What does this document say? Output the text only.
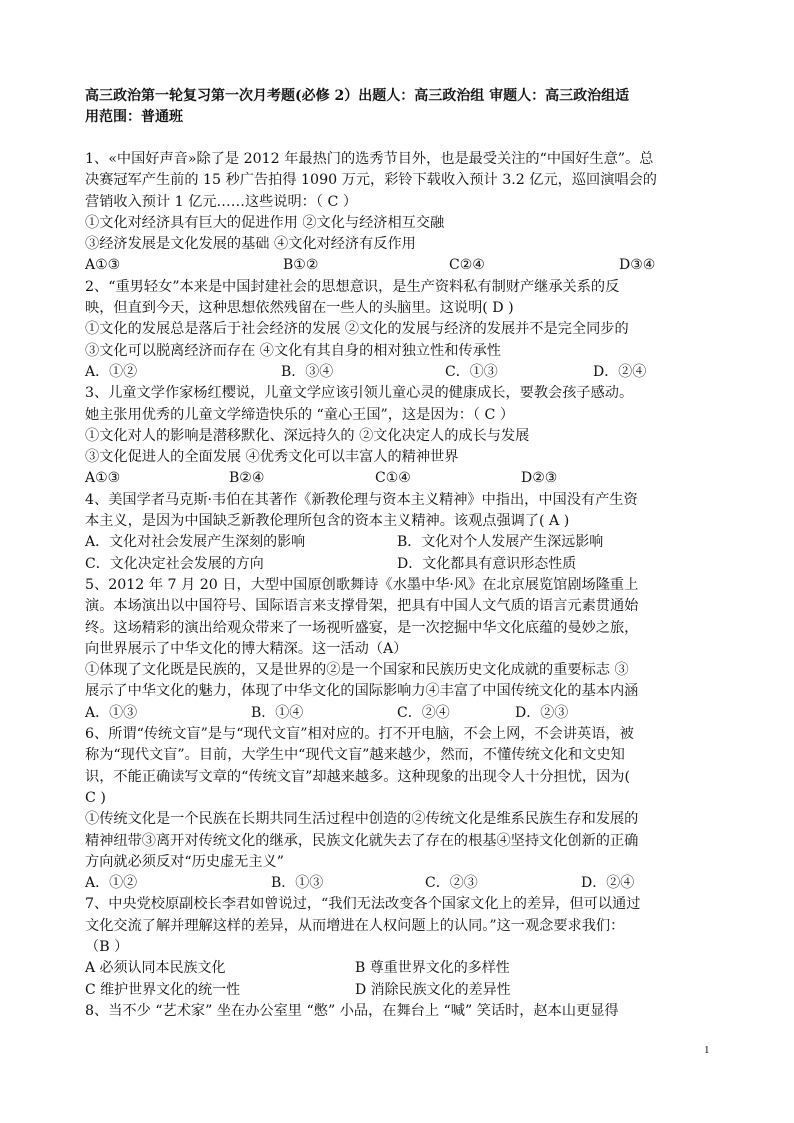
高三政治第一轮复习第一次月考题(必修 2）出题人：高三政治组 审题人：高三政治组适
用范围：普通班
1、«中国好声音»除了是 2012 年最热门的选秀节目外，也是最受关注的“中国好生意”。总
决赛冠军产生前的 15 秒广告拍得 1090 万元，彩铃下载收入预计 3.2 亿元，巡回演唱会的
营销收入预计 1 亿元……这些说明：（ C ）
①文化对经济具有巨大的促进作用 ②文化与经济相互交融
③经济发展是文化发展的基础 ④文化对经济有反作用
A①③	B①②	C②④	D③④
2、“重男轻女”本来是中国封建社会的思想意识，是生产资料私有制财产继承关系的反
映，但直到今天，这种思想依然残留在一些人的头脑里。这说明( D )
①文化的发展总是落后于社会经济的发展 ②文化的发展与经济的发展并不是完全同步的
③文化可以脱离经济而存在 ④文化有其自身的相对独立性和传承性
A．①②	B．③④	C．①③	D．②④
3、儿童文学作家杨红樱说，儿童文学应该引领儿童心灵的健康成长，要教会孩子感动。
她主张用优秀的儿童文学缔造快乐的 “童心王国”，这是因为：（ C ）
①文化对人的影响是潜移默化、深远持久的 ②文化决定人的成长与发展
③文化促进人的全面发展 ④优秀文化可以丰富人的精神世界
A①③	B②④	C①④	D②③
4、美国学者马克斯·韦伯在其著作《新教伦理与资本主义精神》中指出，中国没有产生资
本主义，是因为中国缺乏新教伦理所包含的资本主义精神。该观点强调了( A )
A．文化对社会发展产生深刻的影响	B．文化对个人发展产生深远影响
C．文化决定社会发展的方向	D．文化都具有意识形态性质
5、2012 年 7 月 20 日，大型中国原创歌舞诗《水墨中华·风》在北京展览馆剧场隆重上
演。本场演出以中国符号、国际语言来支撑骨架，把具有中国人文气质的语言元素贯通始
终。这场精彩的演出给观众带来了一场视听盛宴，是一次挖掘中华文化底蕴的曼妙之旅，
向世界展示了中华文化的博大精深。这一活动（A）
①体现了文化既是民族的，又是世界的②是一个国家和民族历史文化成就的重要标志 ③
展示了中华文化的魅力，体现了中华文化的国际影响力④丰富了中国传统文化的基本内涵
A．①③	B．①④	C．②④	D．②③
6、所谓“传统文盲”是与“现代文盲”相对应的。打不开电脑，不会上网，不会讲英语，被
称为“现代文盲”。目前，大学生中“现代文盲”越来越少，然而，不懂传统文化和文史知
识，不能正确读写文章的“传统文盲”却越来越多。这种现象的出现令人十分担忧，因为(
C )
①传统文化是一个民族在长期共同生活过程中创造的②传统文化是维系民族生存和发展的
精神纽带③离开对传统文化的继承，民族文化就失去了存在的根基④坚持文化创新的正确
方向就必须反对“历史虚无主义”
A．①②	B．①③	C．②③	D．②④
7、中央党校原副校长李君如曾说过，“我们无法改变各个国家文化上的差异，但可以通过
文化交流了解并理解这样的差异，从而增进在人权问题上的认同。”这一观念要求我们：
（B ）
A 必须认同本民族文化	B 尊重世界文化的多样性
C 维护世界文化的统一性	D 消除民族文化的差异性
8、当不少 “艺术家” 坐在办公室里 “憋” 小品，在舞台上 “喊” 笑话时，赵本山更显得
1
